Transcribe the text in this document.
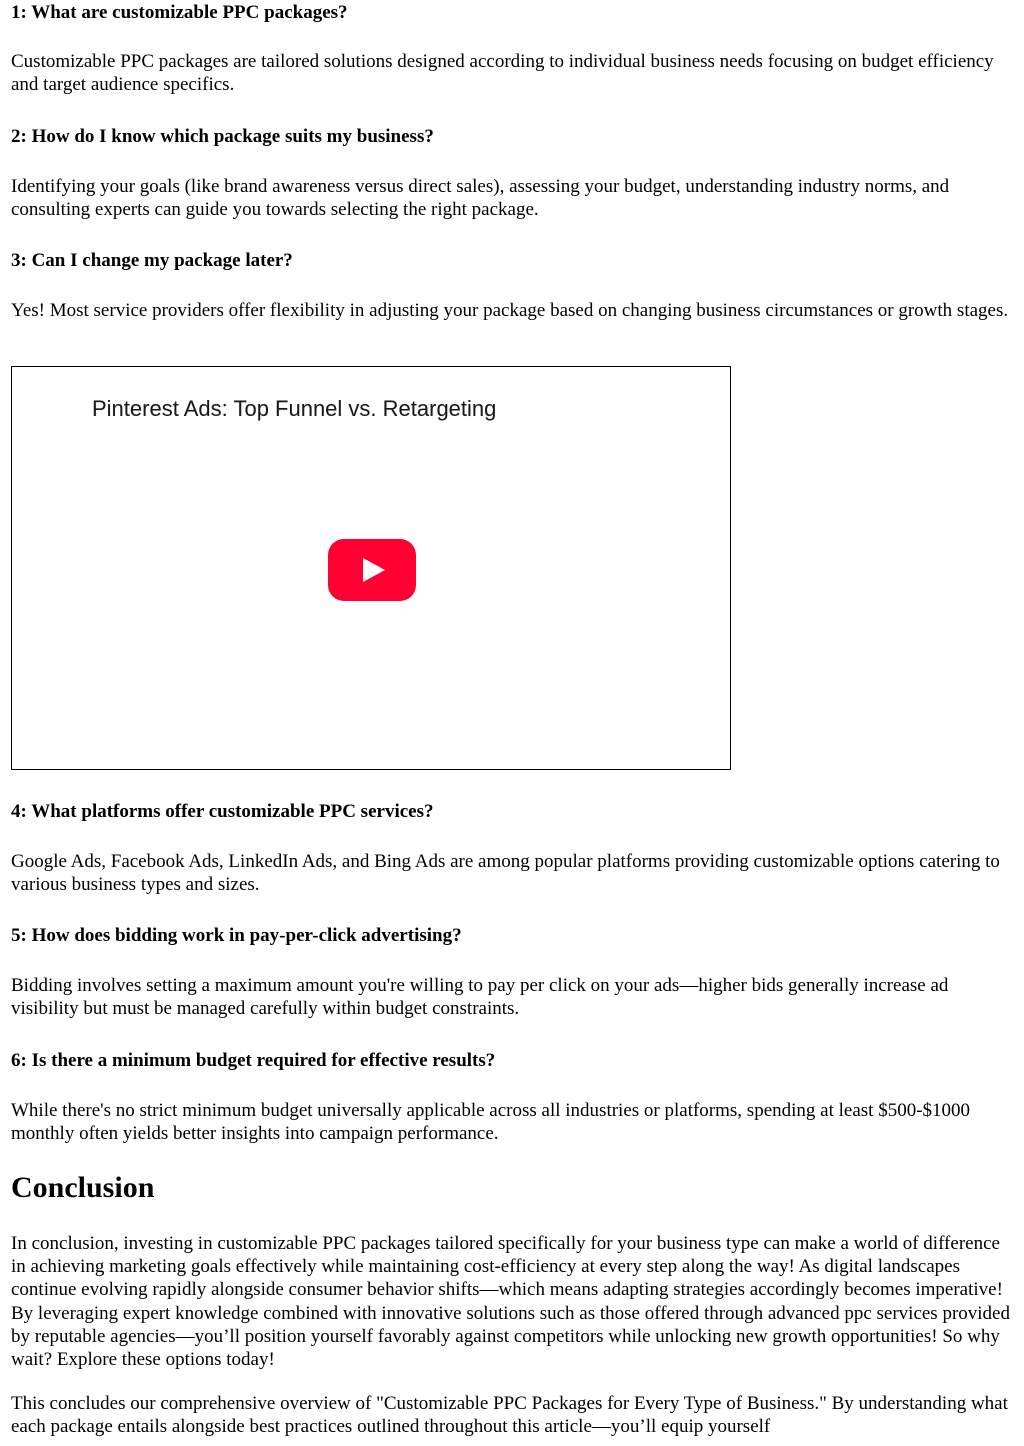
1: What are customizable PPC packages?

Customizable PPC packages are tailored solutions designed according to individual business needs focusing on budget efficiency and target audience specifics.

2: How do I know which package suits my business?

Identifying your goals (like brand awareness versus direct sales), assessing your budget, understanding industry norms, and consulting experts can guide you towards selecting the right package.

3: Can I change my package later?

Yes! Most service providers offer flexibility in adjusting your package based on changing business circumstances or growth stages.

Pinterest Ads: Top Funnel vs. Retargeting

4: What platforms offer customizable PPC services?

Google Ads, Facebook Ads, LinkedIn Ads, and Bing Ads are among popular platforms providing customizable options catering to various business types and sizes.

5: How does bidding work in pay-per-click advertising?

Bidding involves setting a maximum amount you're willing to pay per click on your ads—higher bids generally increase ad visibility but must be managed carefully within budget constraints.

6: Is there a minimum budget required for effective results?

While there's no strict minimum budget universally applicable across all industries or platforms, spending at least $500-$1000 monthly often yields better insights into campaign performance.

Conclusion

In conclusion, investing in customizable PPC packages tailored specifically for your business type can make a world of difference in achieving marketing goals effectively while maintaining cost-efficiency at every step along the way! As digital landscapes continue evolving rapidly alongside consumer behavior shifts—which means adapting strategies accordingly becomes imperative! By leveraging expert knowledge combined with innovative solutions such as those offered through advanced ppc services provided by reputable agencies—you’ll position yourself favorably against competitors while unlocking new growth opportunities! So why wait? Explore these options today!

This concludes our comprehensive overview of "Customizable PPC Packages for Every Type of Business." By understanding what each package entails alongside best practices outlined throughout this article—you’ll equip yourself
